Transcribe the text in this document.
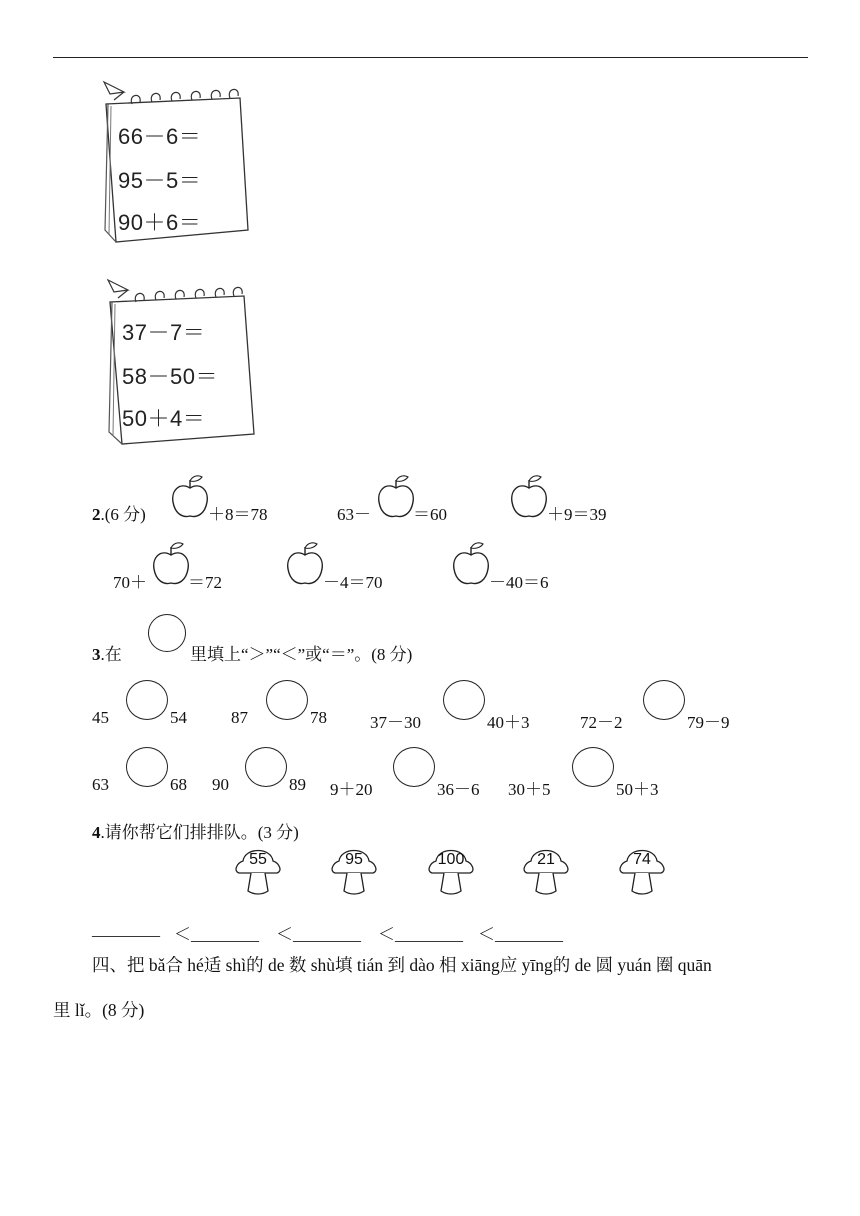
66－6＝
95－5＝
90＋6＝
37－7＝
58－50＝
50＋4＝
2.(6 分)	＋8＝78	63－ ＝60	＋9＝39
70＋ ＝72	－4＝70	－40＝6
3.在	里填上“＞”“＜”或“＝”。(8 分)
45	54	87	78	37－30	40＋3	72－2	79－9
63	68 90	89 9＋20	36－6 30＋5	50＋3
4.请你帮它们排排队。(3 分)
55	95	100	21	74
________ ＜________ ＜________ ＜________ ＜________
四、把 bǎ合 hé适 shì的 de 数 shù填 tián 到 dào 相 xiāng应 yīng的 de 圆 yuán 圈 quān
里 lǐ。(8 分)
